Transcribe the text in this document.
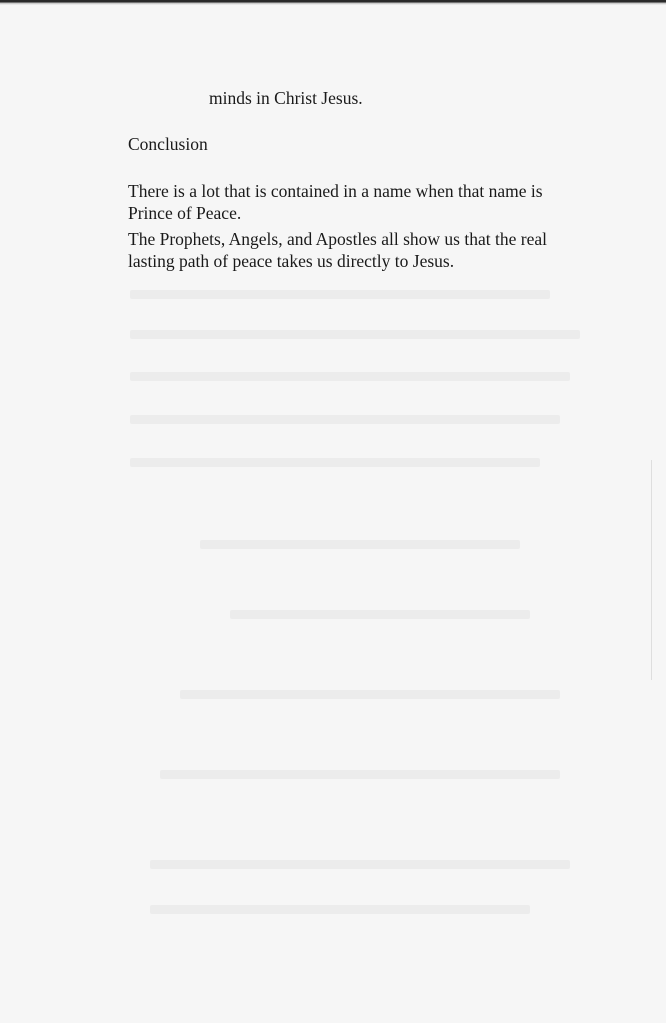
minds in Christ Jesus.
Conclusion
There is a lot that is contained in a name when that name is
Prince of Peace.
The Prophets, Angels, and Apostles all show us that the real
lasting path of peace takes us directly to Jesus.
